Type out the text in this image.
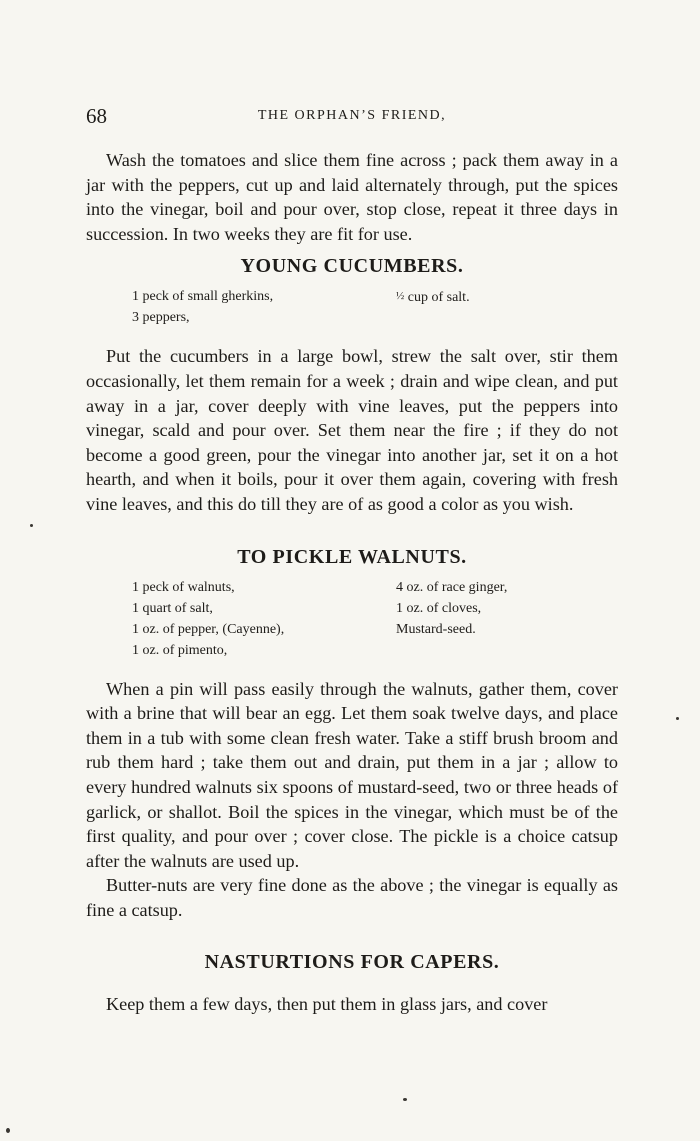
68	THE ORPHAN’S FRIEND,

Wash the tomatoes and slice them fine across ; pack them away in a jar with the peppers, cut up and laid alternately through, put the spices into the vinegar, boil and pour over, stop close, repeat it three days in succession. In two weeks they are fit for use.

YOUNG CUCUMBERS.
1 peck of small gherkins,
3 peppers,
½ cup of salt.

Put the cucumbers in a large bowl, strew the salt over, stir them occasionally, let them remain for a week ; drain and wipe clean, and put away in a jar, cover deeply with vine leaves, put the peppers into vinegar, scald and pour over. Set them near the fire ; if they do not become a good green, pour the vinegar into another jar, set it on a hot hearth, and when it boils, pour it over them again, covering with fresh vine leaves, and this do till they are of as good a color as you wish.

TO PICKLE WALNUTS.
1 peck of walnuts,
1 quart of salt,
1 oz. of pepper, (Cayenne),
1 oz. of pimento,
4 oz. of race ginger,
1 oz. of cloves,
Mustard-seed.

When a pin will pass easily through the walnuts, gather them, cover with a brine that will bear an egg. Let them soak twelve days, and place them in a tub with some clean fresh water. Take a stiff brush broom and rub them hard ; take them out and drain, put them in a jar ; allow to every hundred walnuts six spoons of mustard-seed, two or three heads of garlick, or shallot. Boil the spices in the vinegar, which must be of the first quality, and pour over ; cover close. The pickle is a choice catsup after the walnuts are used up.

Butter-nuts are very fine done as the above ; the vinegar is equally as fine a catsup.

NASTURTIONS FOR CAPERS.

Keep them a few days, then put them in glass jars, and cover
